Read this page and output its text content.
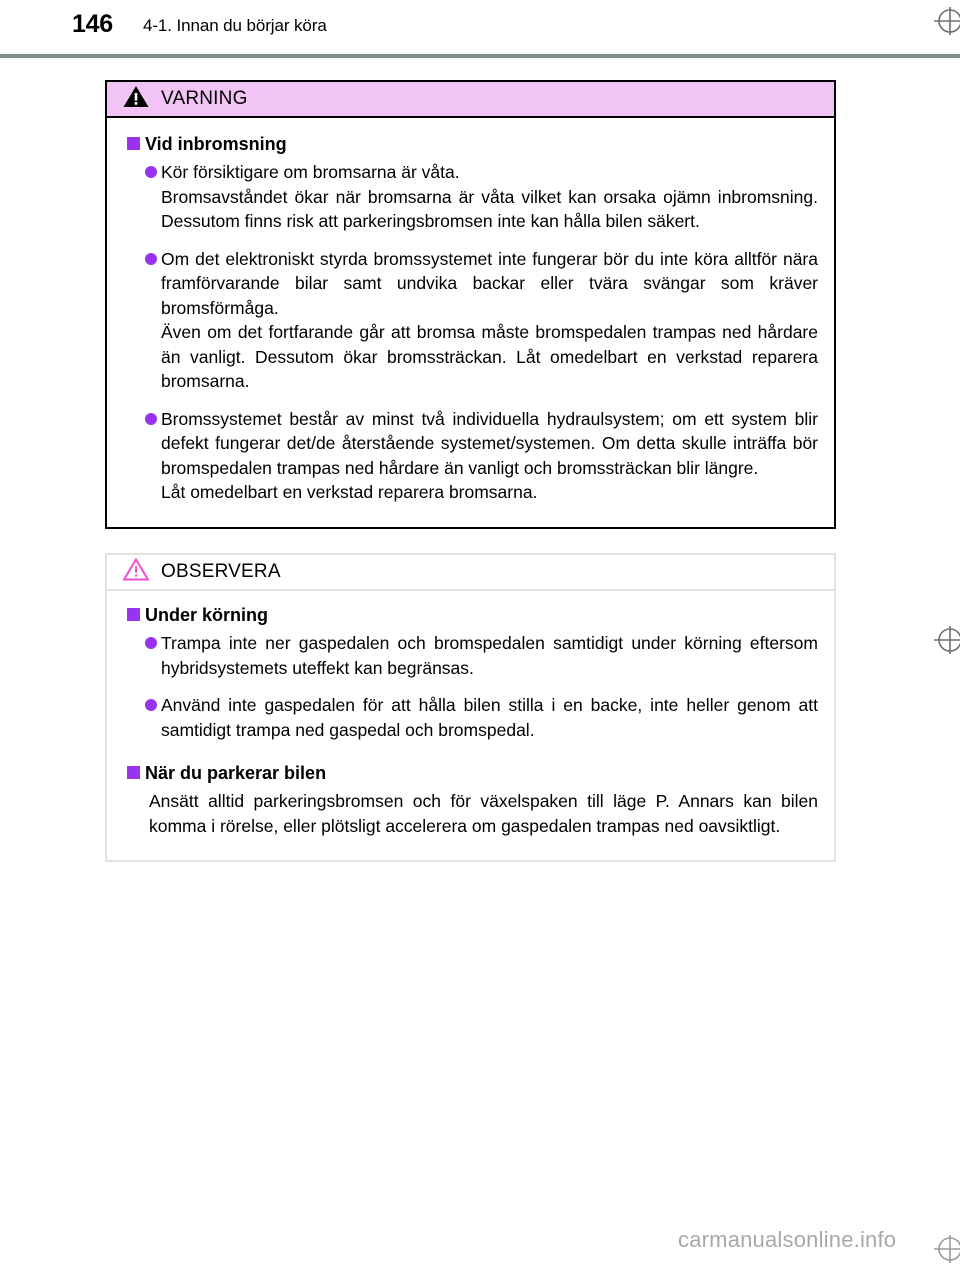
146 4-1. Innan du börjar köra
VARNING
Vid inbromsning
Kör försiktigare om bromsarna är våta.
Bromsavståndet ökar när bromsarna är våta vilket kan orsaka ojämn inbromsning. Dessutom finns risk att parkeringsbromsen inte kan hålla bilen säkert.
Om det elektroniskt styrda bromssystemet inte fungerar bör du inte köra alltför nära framförvarande bilar samt undvika backar eller tvära svängar som kräver bromsförmåga.
Även om det fortfarande går att bromsa måste bromspedalen trampas ned hårdare än vanligt. Dessutom ökar bromssträckan. Låt omedelbart en verkstad reparera bromsarna.
Bromssystemet består av minst två individuella hydraulsystem; om ett system blir defekt fungerar det/de återstående systemet/systemen. Om detta skulle inträffa bör bromspedalen trampas ned hårdare än vanligt och bromssträckan blir längre.
Låt omedelbart en verkstad reparera bromsarna.
OBSERVERA
Under körning
Trampa inte ner gaspedalen och bromspedalen samtidigt under körning eftersom hybridsystemets uteffekt kan begränsas.
Använd inte gaspedalen för att hålla bilen stilla i en backe, inte heller genom att samtidigt trampa ned gaspedal och bromspedal.
När du parkerar bilen

Ansätt alltid parkeringsbromsen och för växelspaken till läge P. Annars kan bilen komma i rörelse, eller plötsligt accelerera om gaspedalen trampas ned oavsiktligt.

carmanualsonline.info
